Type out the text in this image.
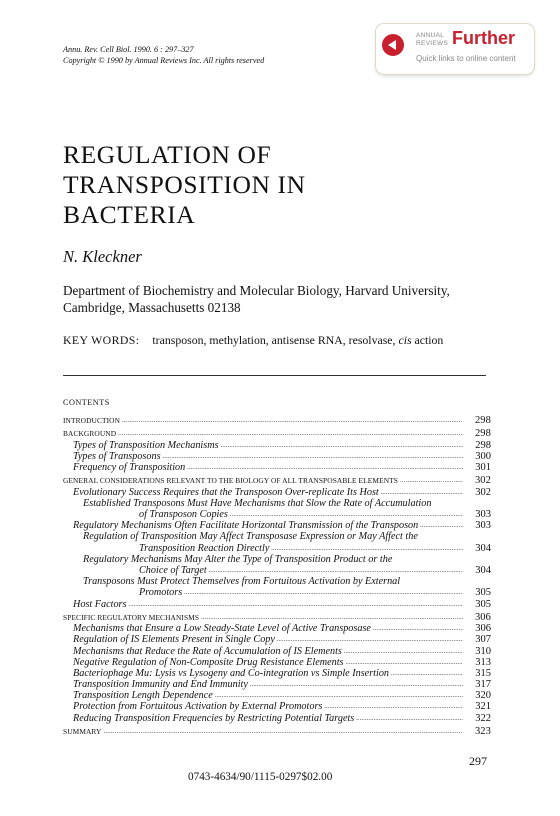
Annu. Rev. Cell Biol. 1990. 6 : 297–327
Copyright © 1990 by Annual Reviews Inc. All rights reserved
ANNUAL
REVIEWS Further
Quick links to online content
REGULATION OF
TRANSPOSITION IN
BACTERIA
N. Kleckner
Department of Biochemistry and Molecular Biology, Harvard University,
Cambridge, Massachusetts 02138
KEY WORDS: transposon, methylation, antisense RNA, resolvase, cis action
CONTENTS
INTRODUCTION .....	298
BACKGROUND .....	298
Types of Transposition Mechanisms .....	298
Types of Transposons .....	300
Frequency of Transposition .....	301
GENERAL CONSIDERATIONS RELEVANT TO THE BIOLOGY OF ALL TRANSPOSABLE ELEMENTS .....	302
Evolutionary Success Requires that the Transposon Over-replicate Its Host .....	302
Established Transposons Must Have Mechanisms that Slow the Rate of Accumulation
of Transposon Copies .....	303
Regulatory Mechanisms Often Facilitate Horizontal Transmission of the Transposon .....	303
Regulation of Transposition May Affect Transposase Expression or May Affect the
Transposition Reaction Directly .....	304
Regulatory Mechanisms May Alter the Type of Transposition Product or the
Choice of Target .....	304
Transposons Must Protect Themselves from Fortuitous Activation by External
Promotors .....	305
Host Factors .....	305
SPECIFIC REGULATORY MECHANISMS .....	306
Mechanisms that Ensure a Low Steady-State Level of Active Transposase .....	306
Regulation of IS Elements Present in Single Copy .....	307
Mechanisms that Reduce the Rate of Accumulation of IS Elements .....	310
Negative Regulation of Non-Composite Drug Resistance Elements .....	313
Bacteriophage Mu: Lysis vs Lysogeny and Co-integration vs Simple Insertion .....	315
Transposition Immunity and End Immunity .....	317
Transposition Length Dependence .....	320
Protection from Fortuitous Activation by External Promotors .....	321
Reducing Transposition Frequencies by Restricting Potential Targets .....	322
SUMMARY .....	323
297
0743-4634/90/1115-0297$02.00
